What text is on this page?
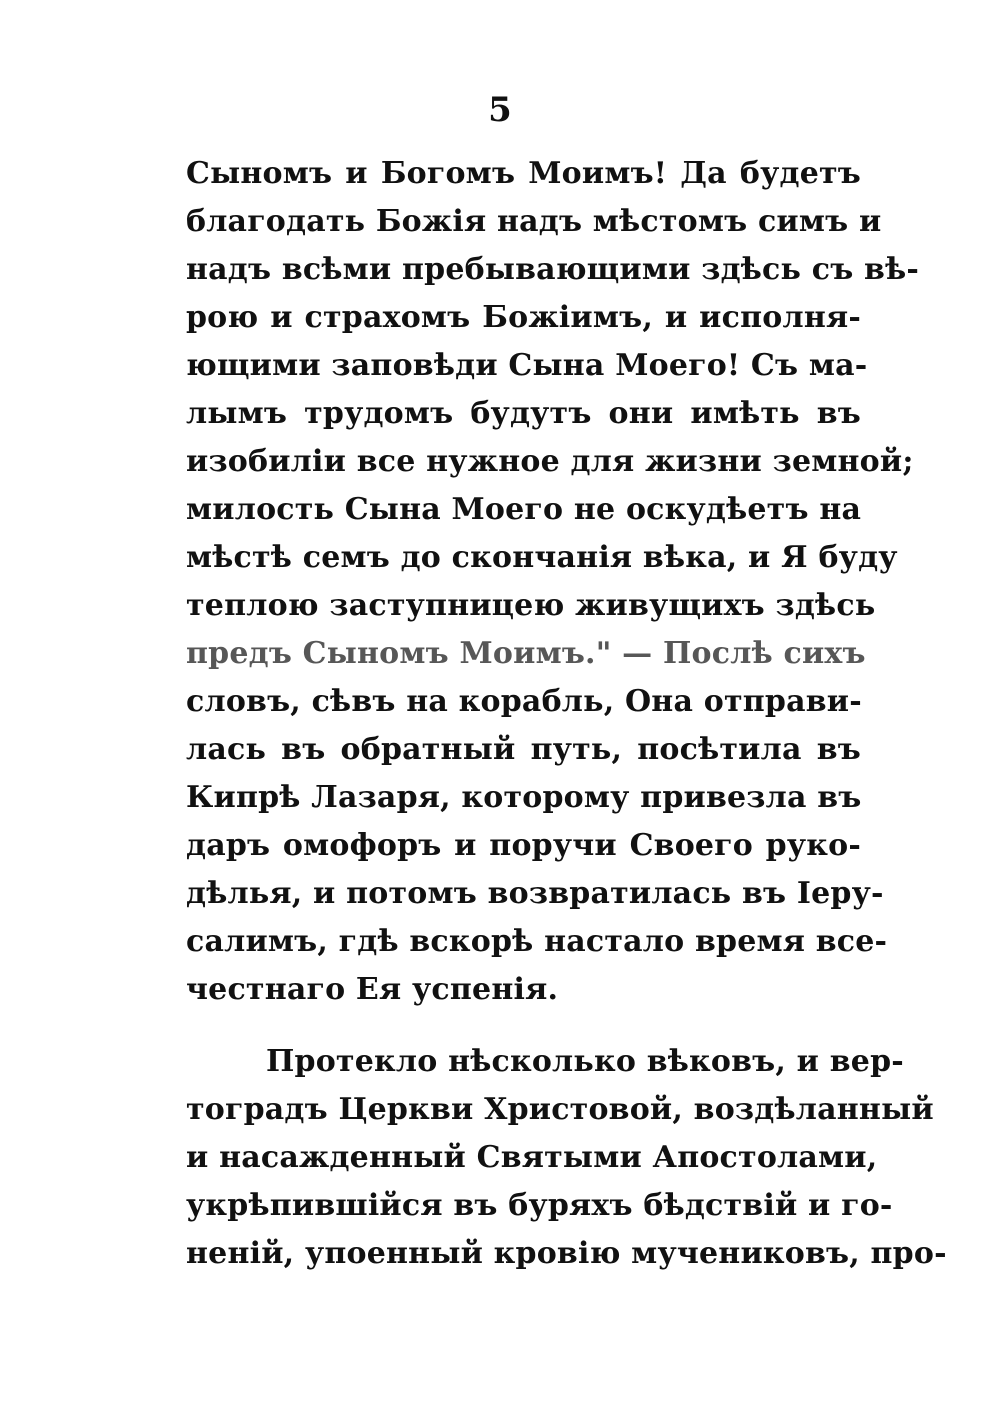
5
Сыномъ и Богомъ Моимъ! Да будетъ
благодать Божія надъ мѣстомъ симъ и
надъ всѣми пребывающими здѣсь съ вѣ-
рою и страхомъ Божіимъ, и исполня-
ющими заповѣди Сына Моего! Съ ма-
лымъ трудомъ будутъ они имѣть въ
изобиліи все нужное для жизни земной;
милость Сына Моего не оскудѣетъ на
мѣстѣ семъ до скончанія вѣка, и Я буду
теплою заступницею живущихъ здѣсь
предъ Сыномъ Моимъ." — Послѣ сихъ
словъ, сѣвъ на корабль, Она отправи-
лась въ обратный путь, посѣтила въ
Кипрѣ Лазаря, которому привезла въ
даръ омофоръ и поручи Своего руко-
дѣлья, и потомъ возвратилась въ Іеру-
салимъ, гдѣ вскорѣ настало время все-
честнаго Ея успенія.
Протекло нѣсколько вѣковъ, и вер-
тоградъ Церкви Христовой, воздѣланный
и насажденный Святыми Апостолами,
укрѣпившійся въ буряхъ бѣдствій и го-
неній, упоенный кровію мучениковъ, про-
